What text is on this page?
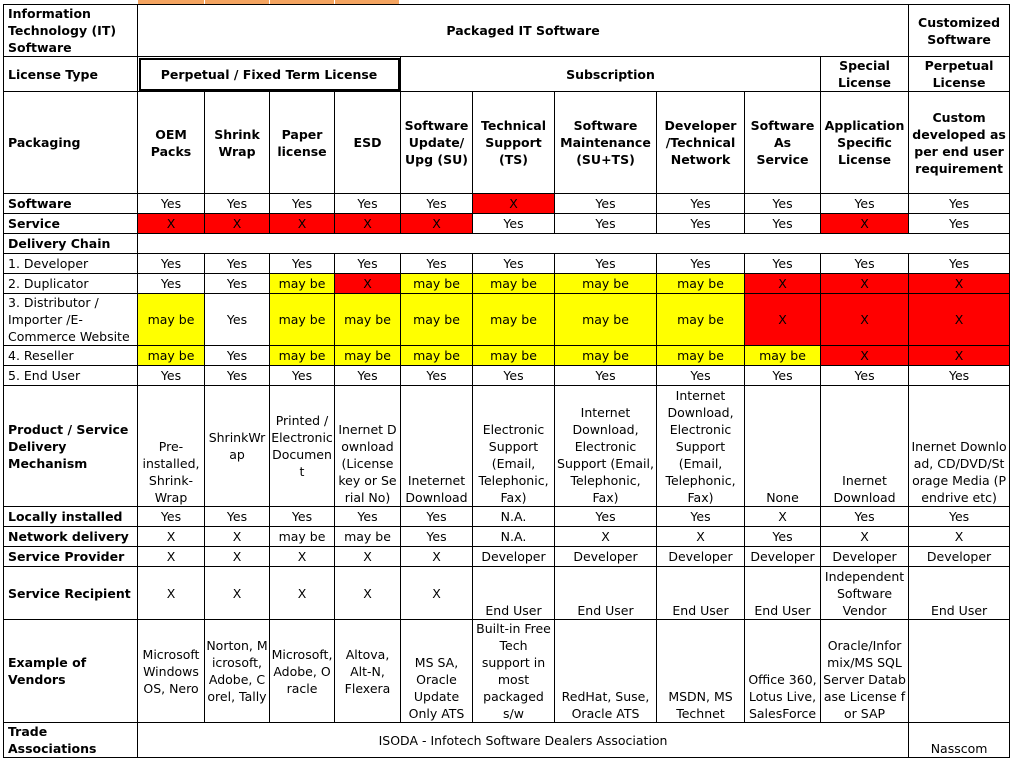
Information Technology (IT) Software	Packaged IT Software										Customized Software
License Type	Perpetual / Fixed Term License				Subscription					Special License	Perpetual License
Packaging	OEM Packs	Shrink Wrap	Paper license	ESD	Software Update/ Upg (SU)	Technical Support (TS)	Software Maintenance (SU+TS)	Developer /Technical Network	Software As Service	Application Specific License	Custom developed as per end user requirement
Software	Yes	Yes	Yes	Yes	Yes	X	Yes	Yes	Yes	Yes	Yes
Service	X	X	X	X	X	Yes	Yes	Yes	Yes	X	Yes
Delivery Chain											
1. Developer	Yes	Yes	Yes	Yes	Yes	Yes	Yes	Yes	Yes	Yes	Yes
2. Duplicator	Yes	Yes	may be	X	may be	may be	may be	may be	X	X	X
3. Distributor / Importer /E-Commerce Website	may be	Yes	may be	may be	may be	may be	may be	may be	X	X	X
4. Reseller	may be	Yes	may be	may be	may be	may be	may be	may be	may be	X	X
5. End User	Yes	Yes	Yes	Yes	Yes	Yes	Yes	Yes	Yes	Yes	Yes
Product / Service Delivery Mechanism	Pre-installed, Shrink-Wrap	ShrinkWrap	Printed / Electronic Document	Inernet Download (License key or Serial No)	Ineternet Download	Electronic Support (Email, Telephonic, Fax)	Internet Download, Electronic Support (Email, Telephonic, Fax)	Internet Download, Electronic Support (Email, Telephonic, Fax)	None	Inernet Download	Inernet Download, CD/DVD/Storage Media (Pendrive etc)
Locally installed	Yes	Yes	Yes	Yes	Yes	N.A.	Yes	Yes	X	Yes	Yes
Network delivery	X	X	may be	may be	Yes	N.A.	X	X	Yes	X	X
Service Provider	X	X	X	X	X	Developer	Developer	Developer	Developer	Developer	Developer
Service Recipient	X	X	X	X	X	End User	End User	End User	End User	Independent Software Vendor	End User
Example of Vendors	Microsoft Windows OS, Nero	Norton, Microsoft, Adobe, Corel, Tally	Microsoft, Adobe, Oracle	Altova, Alt-N, Flexera	MS SA, Oracle Update Only ATS	Built-in Free Tech support in most packaged s/w	RedHat, Suse, Oracle ATS	MSDN, MS Technet	Office 360, Lotus Live, SalesForce	Oracle/Informix/MS SQL Server Database License for SAP	
Trade Associations	ISODA - Infotech Software Dealers Association										Nasscom
